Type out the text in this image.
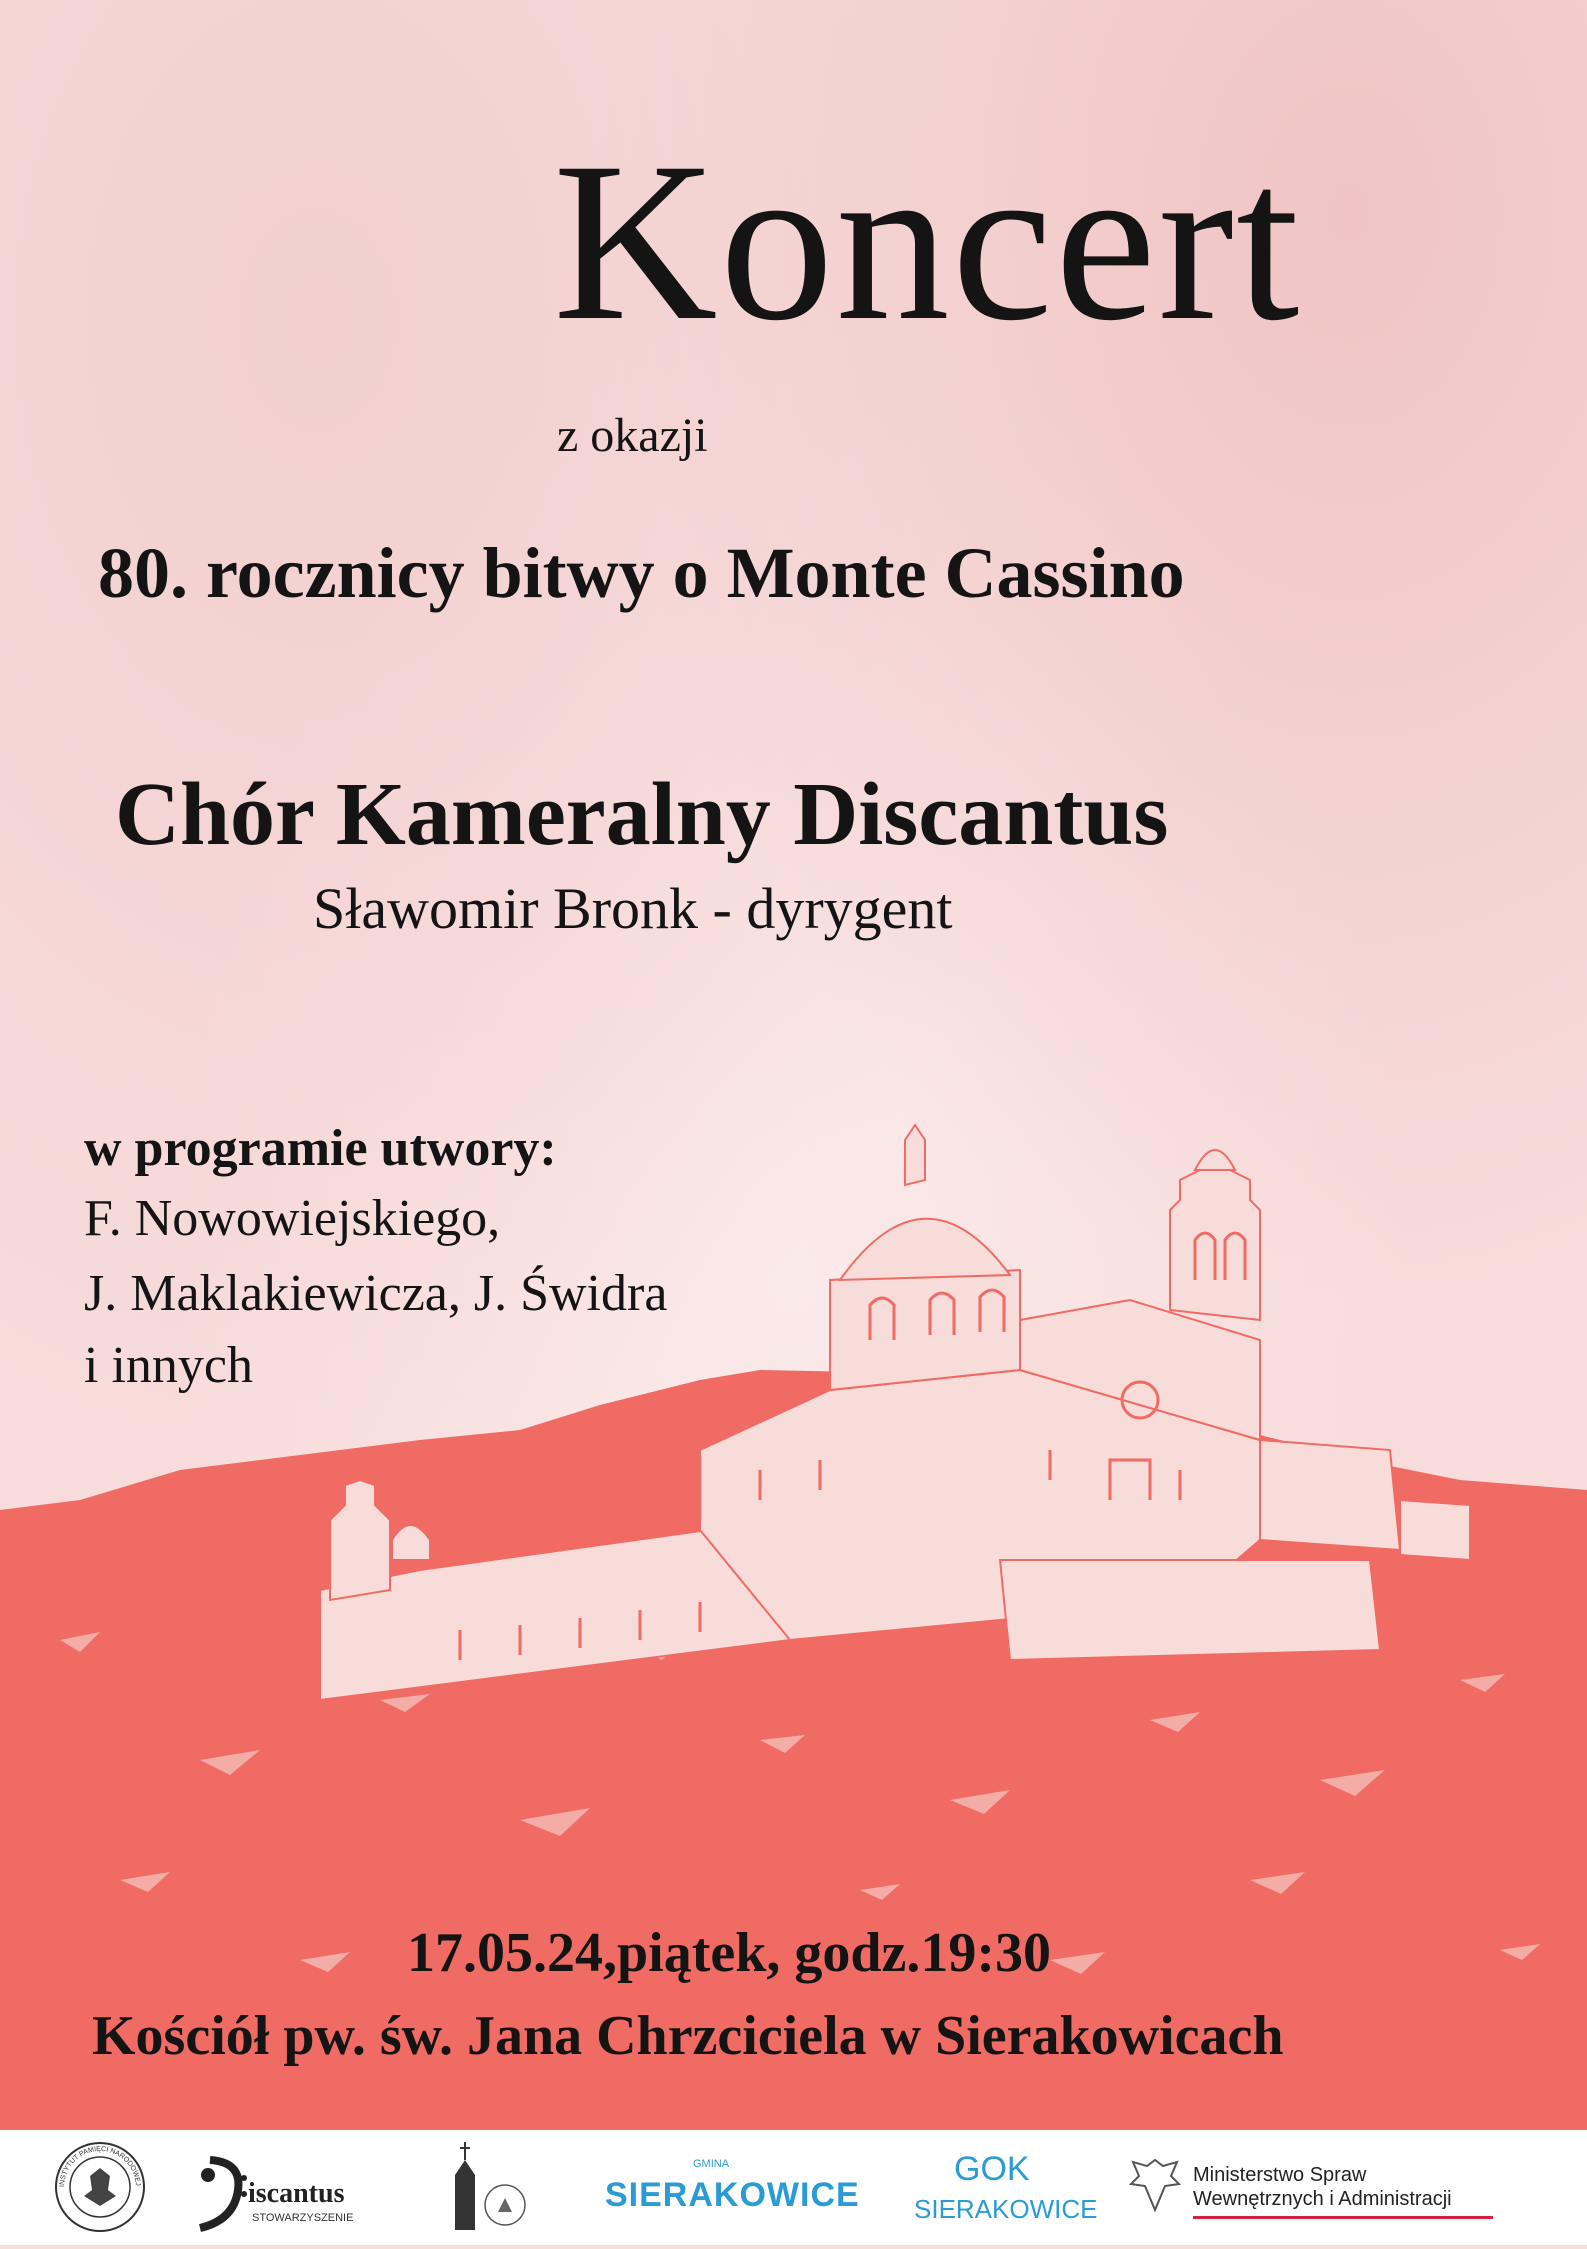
Koncert
z okazji
80. rocznicy bitwy o Monte Cassino
Chór Kameralny Discantus
Sławomir Bronk - dyrygent
w programie utwory:
F. Nowowiejskiego,
J. Maklakiewicza, J. Świdra
i innych
17.05.24,piątek, godz.19:30
Kościół pw. św. Jana Chrzciciela w Sierakowicach
INSTYTUT PAMIĘCI NARODOWEJ	iscantus
STOWARZYSZENIE
GMINA
SIERAKOWICE
GOK
SIERAKOWICE
Ministerstwo Spraw
Wewnętrznych i Administracji
